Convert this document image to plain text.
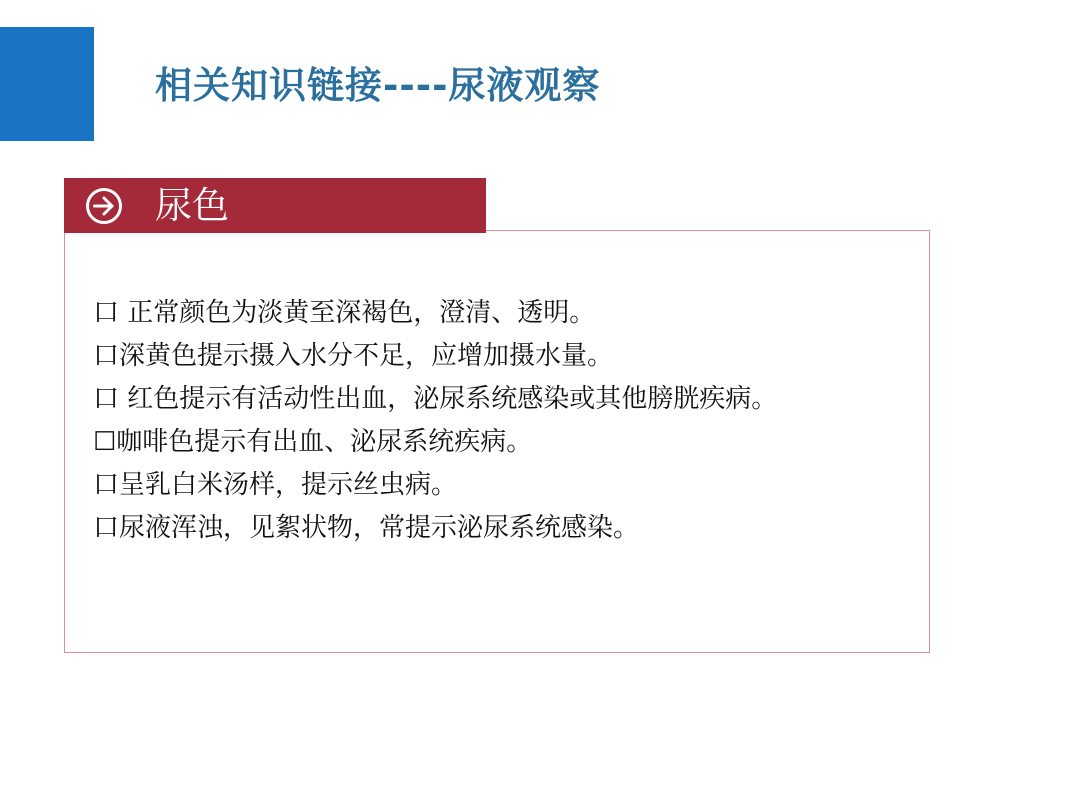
相关知识链接----尿液观察
尿色
口 正常颜色为淡黄至深褐色，澄清、透明。
口深黄色提示摄入水分不足，应增加摄水量。
口 红色提示有活动性出血，泌尿系统感染或其他膀胱疾病。
☐咖啡色提示有出血、泌尿系统疾病。
口呈乳白米汤样，提示丝虫病。
口尿液浑浊，见絮状物，常提示泌尿系统感染。
